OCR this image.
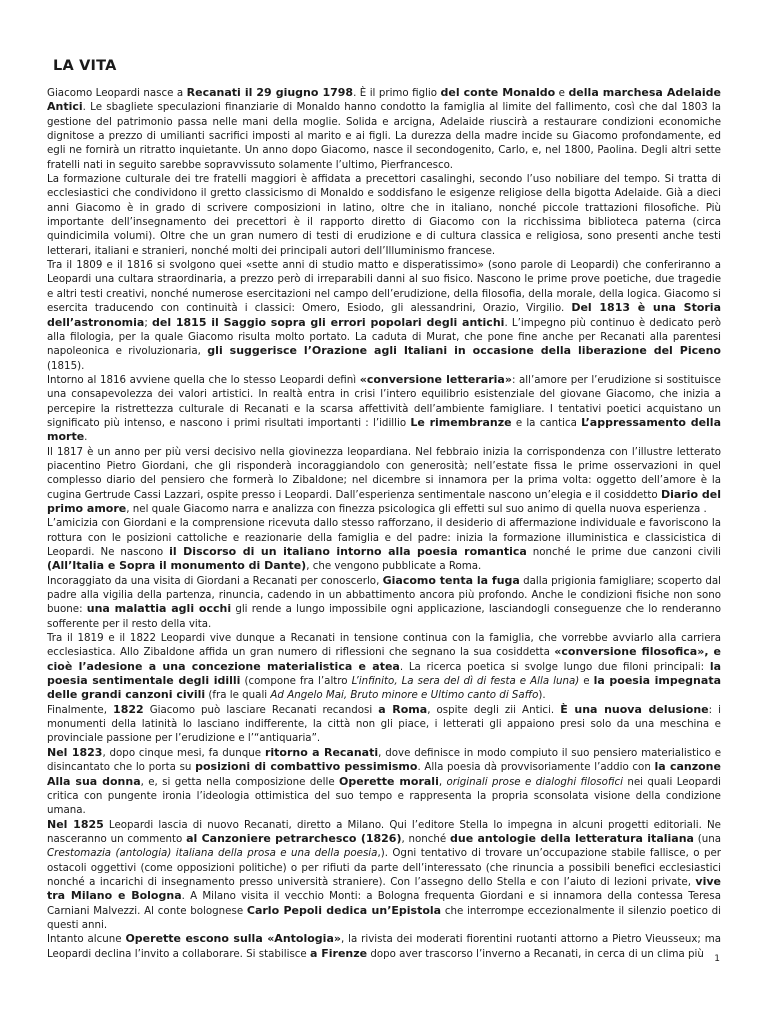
LA VITA

Giacomo Leopardi nasce a Recanati il 29 giugno 1798. È il primo figlio del conte Monaldo e della marchesa Adelaide Antici. Le sbagliete speculazioni finanziarie di Monaldo hanno condotto la famiglia al limite del fallimento, così che dal 1803 la gestione del patrimonio passa nelle mani della moglie. Solida e arcigna, Adelaide riuscirà a restaurare condizioni economiche dignitose a prezzo di umilianti sacrifici imposti al marito e ai figli. La durezza della madre incide su Giacomo profondamente, ed egli ne fornirà un ritratto inquietante. Un anno dopo Giacomo, nasce il secondogenito, Carlo, e, nel 1800, Paolina. Degli altri sette fratelli nati in seguito sarebbe sopravvissuto solamente l’ultimo, Pierfrancesco.

La formazione culturale dei tre fratelli maggiori è affidata a precettori casalinghi, secondo l’uso nobiliare del tempo. Si tratta di ecclesiastici che condividono il gretto classicismo di Monaldo e soddisfano le esigenze religiose della bigotta Adelaide. Già a dieci anni Giacomo è in grado di scrivere composizioni in latino, oltre che in italiano, nonché piccole trattazioni filosofiche. Più importante dell’insegnamento dei precettori è il rapporto diretto di Giacomo con la ricchissima biblioteca paterna (circa quindicimila volumi). Oltre che un gran numero di testi di erudizione e di cultura classica e religiosa, sono presenti anche testi letterari, italiani e stranieri, nonché molti dei principali autori dell’Illuminismo francese.

Tra il 1809 e il 1816 si svolgono quei «sette anni di studio matto e disperatissimo» (sono parole di Leopardi) che conferiranno a Leopardi una cultara straordinaria, a prezzo però di irreparabili danni al suo fisico. Nascono le prime prove poetiche, due tragedie e altri testi creativi, nonché numerose esercitazioni nel campo dell’erudizione, della filosofia, della morale, della logica. Giacomo si esercita traducendo con continuità i classici: Omero, Esiodo, gli alessandrini, Orazio, Virgilio. Del 1813 è una Storia dell’astronomia; del 1815 il Saggio sopra gli errori popolari degli antichi. L’impegno più continuo è dedicato però alla filologia, per la quale Giacomo risulta molto portato. La caduta di Murat, che pone fine anche per Recanati alla parentesi napoleonica e rivoluzionaria, gli suggerisce l’Orazione agli Italiani in occasione della liberazione del Piceno (1815).

Intorno al 1816 avviene quella che lo stesso Leopardi definì «conversione letteraria»: all’amore per l’erudizione si sostituisce una consapevolezza dei valori artistici. In realtà entra in crisi l’intero equilibrio esistenziale del giovane Giacomo, che inizia a percepire la ristrettezza culturale di Recanati e la scarsa affettività dell’ambiente famigliare. I tentativi poetici acquistano un significato più intenso, e nascono i primi risultati importanti : l’idillio Le rimembranze e la cantica L’appressamento della morte.

Il 1817 è un anno per più versi decisivo nella giovinezza leopardiana. Nel febbraio inizia la corrispondenza con l’illustre letterato piacentino Pietro Giordani, che gli risponderà incoraggiandolo con generosità; nell’estate fissa le prime osservazioni in quel complesso diario del pensiero che formerà lo Zibaldone; nel dicembre si innamora per la prima volta: oggetto dell’amore è la cugina Gertrude Cassi Lazzari, ospite presso i Leopardi. Dall’esperienza sentimentale nascono un’elegia e il cosiddetto Diario del primo amore, nel quale Giacomo narra e analizza con finezza psicologica gli effetti sul suo animo di quella nuova esperienza .

L’amicizia con Giordani e la comprensione ricevuta dallo stesso rafforzano, il desiderio di affermazione individuale e favoriscono la rottura con le posizioni cattoliche e reazionarie della famiglia e del padre: inizia la formazione illuministica e classicistica di Leopardi. Ne nascono il Discorso di un italiano intorno alla poesia romantica nonché le prime due canzoni civili (All’Italia e Sopra il monumento di Dante), che vengono pubblicate a Roma.

Incoraggiato da una visita di Giordani a Recanati per conoscerlo, Giacomo tenta la fuga dalla prigionia famigliare; scoperto dal padre alla vigilia della partenza, rinuncia, cadendo in un abbattimento ancora più profondo. Anche le condizioni fisiche non sono buone: una malattia agli occhi gli rende a lungo impossibile ogni applicazione, lasciandogli conseguenze che lo renderanno sofferente per il resto della vita.

Tra il 1819 e il 1822 Leopardi vive dunque a Recanati in tensione continua con la famiglia, che vorrebbe avviarlo alla carriera ecclesiastica. Allo Zibaldone affida un gran numero di riflessioni che segnano la sua cosiddetta «conversione filosofica», e cioè l’adesione a una concezione materialistica e atea. La ricerca poetica si svolge lungo due filoni principali: la poesia sentimentale degli idilli (compone fra l’altro L’infinito, La sera del dì di festa e Alla luna) e la poesia impegnata delle grandi canzoni civili (fra le quali Ad Angelo Mai, Bruto minore e Ultimo canto di Saffo).

Finalmente, 1822 Giacomo può lasciare Recanati recandosi a Roma, ospite degli zii Antici. È una nuova delusione: i monumenti della latinità lo lasciano indifferente, la città non gli piace, i letterati gli appaiono presi solo da una meschina e provinciale passione per l’erudizione e l’“antiquaria”.

Nel 1823, dopo cinque mesi, fa dunque ritorno a Recanati, dove definisce in modo compiuto il suo pensiero materialistico e disincantato che lo porta su posizioni di combattivo pessimismo. Alla poesia dà provvisoriamente l’addio con la canzone Alla sua donna, e, si getta nella composizione delle Operette morali, originali prose e dialoghi filosofici nei quali Leopardi critica con pungente ironia l’ideologia ottimistica del suo tempo e rappresenta la propria sconsolata visione della condizione umana.

Nel 1825 Leopardi lascia di nuovo Recanati, diretto a Milano. Qui l’editore Stella lo impegna in alcuni progetti editoriali. Ne nasceranno un commento al Canzoniere petrarchesco (1826), nonché due antologie della letteratura italiana (una Crestomazia (antologia) italiana della prosa e una della poesia,). Ogni tentativo di trovare un’occupazione stabile fallisce, o per ostacoli oggettivi (come opposizioni politiche) o per rifiuti da parte dell’interessato (che rinuncia a possibili benefici ecclesiastici nonché a incarichi di insegnamento presso università straniere). Con l’assegno dello Stella e con l’aiuto di lezioni private, vive tra Milano e Bologna. A Milano visita il vecchio Monti: a Bologna frequenta Giordani e si innamora della contessa Teresa Carniani Malvezzi. Al conte bolognese Carlo Pepoli dedica un’Epistola che interrompe eccezionalmente il silenzio poetico di questi anni.

Intanto alcune Operette escono sulla «Antologia», la rivista dei moderati fiorentini ruotanti attorno a Pietro Vieusseux; ma Leopardi declina l’invito a collaborare. Si stabilisce a Firenze dopo aver trascorso l’inverno a Recanati, in cerca di un clima più	1
